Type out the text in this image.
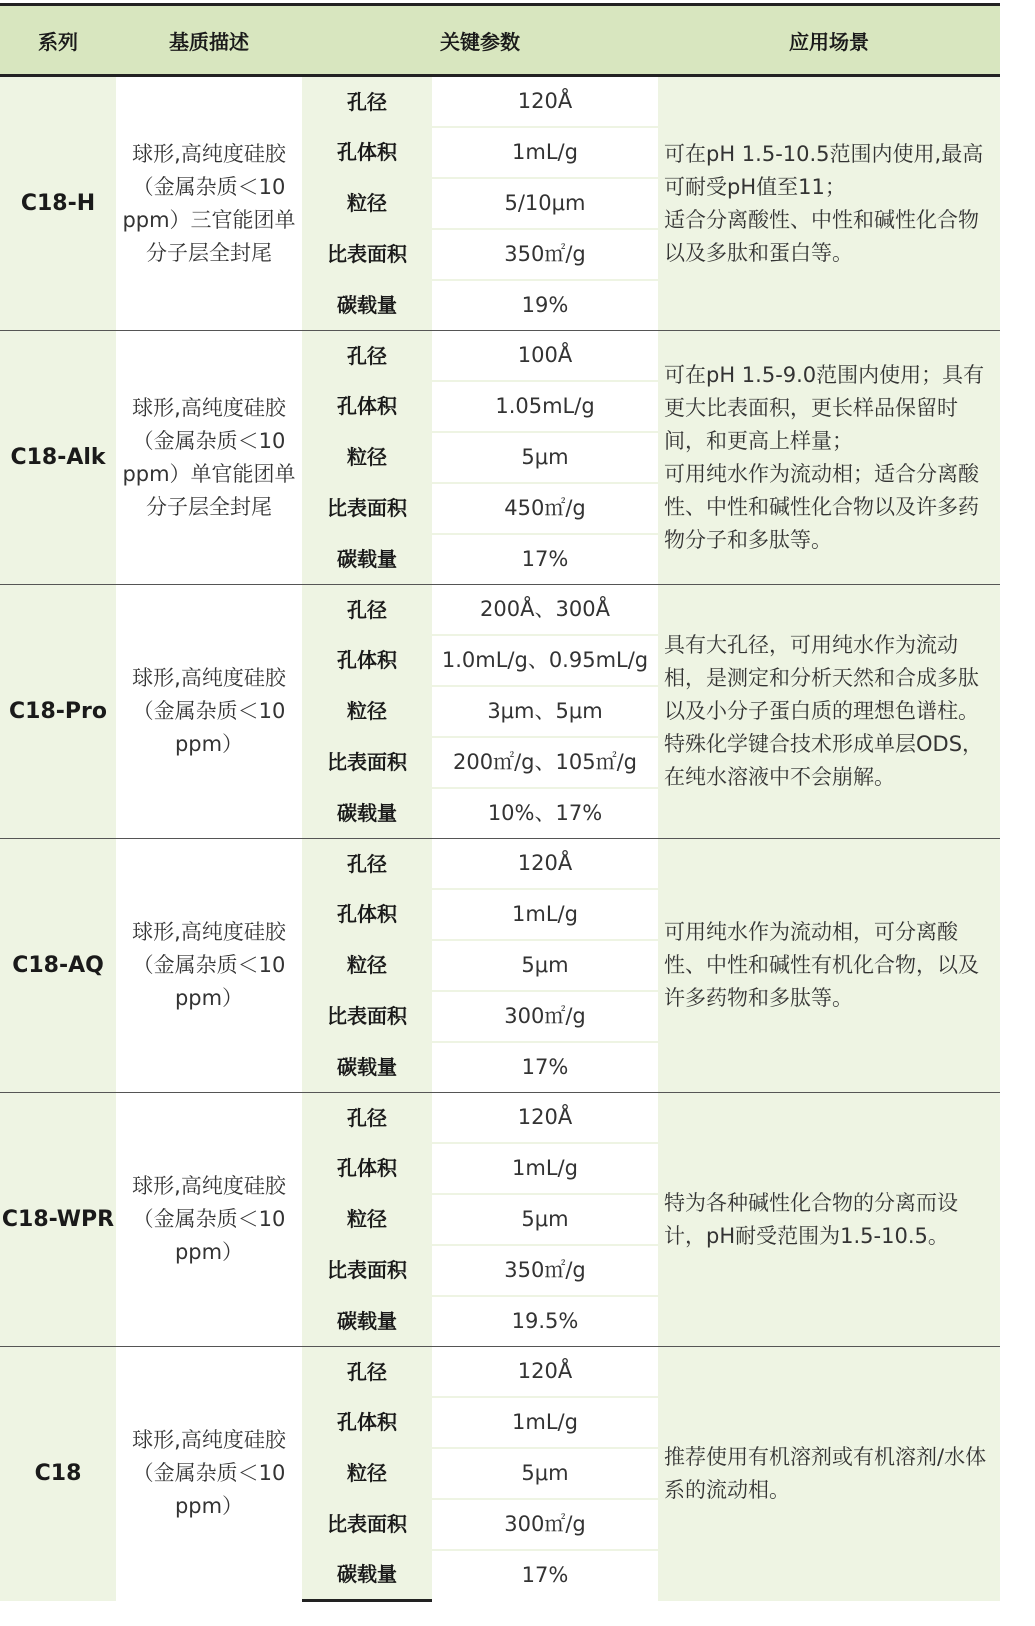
系列	基质描述	关键参数		应用场景
C18-H	球形,高纯度硅胶（金属杂质＜10 ppm）三官能团单分子层全封尾	孔径	120Å	可在pH 1.5-10.5范围内使用,最高可耐受pH值至11；
适合分离酸性、中性和碱性化合物以及多肽和蛋白等。
		孔体积	1mL/g	
		粒径	5/10μm	
		比表面积	350㎡/g	
		碳载量	19%	
C18-Alk	球形,高纯度硅胶（金属杂质＜10 ppm）单官能团单分子层全封尾	孔径	100Å	可在pH 1.5-9.0范围内使用；具有更大比表面积，更长样品保留时间，和更高上样量；
可用纯水作为流动相；适合分离酸性、中性和碱性化合物以及许多药物分子和多肽等。
		孔体积	1.05mL/g	
		粒径	5μm	
		比表面积	450㎡/g	
		碳载量	17%	
C18-Pro	球形,高纯度硅胶（金属杂质＜10 ppm）	孔径	200Å、300Å	具有大孔径，可用纯水作为流动相，是测定和分析天然和合成多肽以及小分子蛋白质的理想色谱柱。
特殊化学键合技术形成单层ODS，在纯水溶液中不会崩解。
		孔体积	1.0mL/g、0.95mL/g	
		粒径	3μm、5μm	
		比表面积	200㎡/g、105㎡/g	
		碳载量	10%、17%	
C18-AQ	球形,高纯度硅胶（金属杂质＜10 ppm）	孔径	120Å	可用纯水作为流动相，可分离酸性、中性和碱性有机化合物，以及许多药物和多肽等。
		孔体积	1mL/g	
		粒径	5μm	
		比表面积	300㎡/g	
		碳载量	17%	
C18-WPR	球形,高纯度硅胶（金属杂质＜10 ppm）	孔径	120Å	特为各种碱性化合物的分离而设计，pH耐受范围为1.5-10.5。
		孔体积	1mL/g	
		粒径	5μm	
		比表面积	350㎡/g	
		碳载量	19.5%	
C18	球形,高纯度硅胶（金属杂质＜10 ppm）	孔径	120Å	推荐使用有机溶剂或有机溶剂/水体系的流动相。
		孔体积	1mL/g	
		粒径	5μm	
		比表面积	300㎡/g	
		碳载量	17%	
